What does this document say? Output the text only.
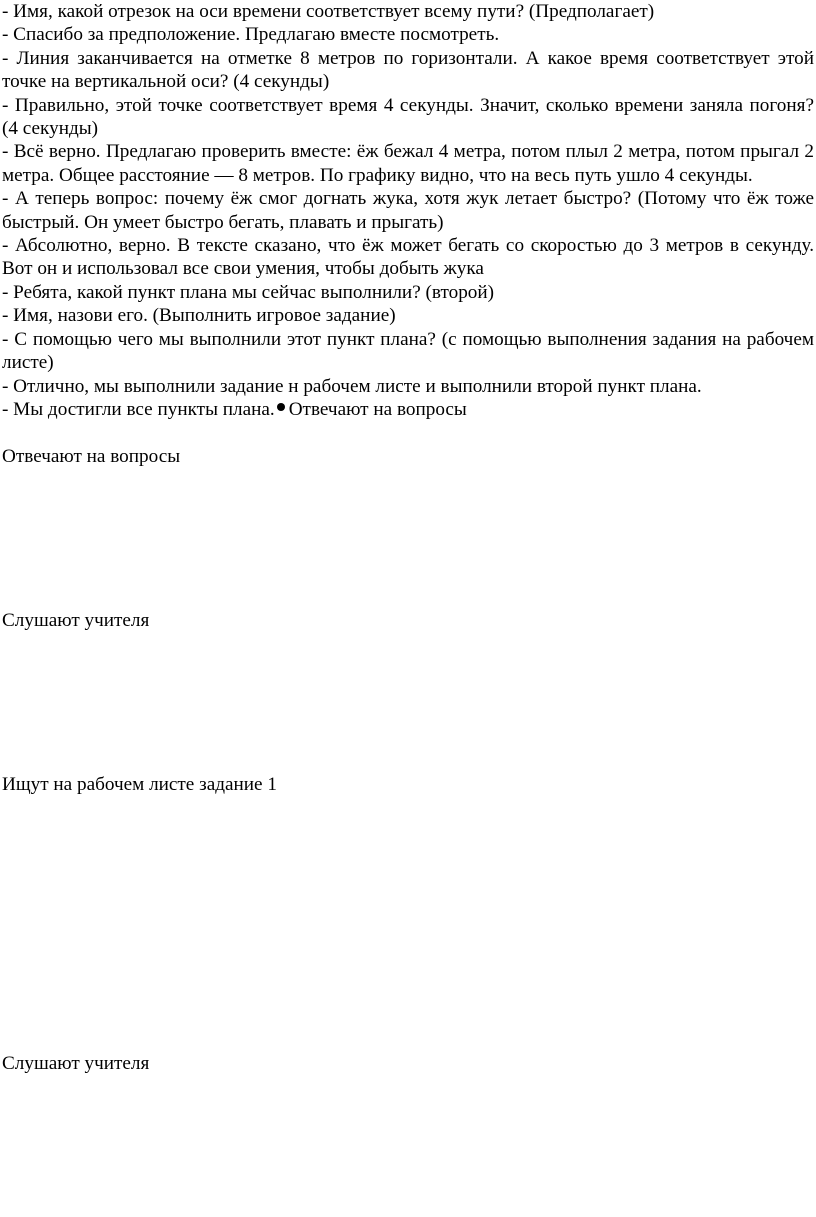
- Имя, какой отрезок на оси времени соответствует всему пути? (Предполагает)

- Спасибо за предположение. Предлагаю вместе посмотреть.

- Линия заканчивается на отметке 8 метров по горизонтали. А какое время соответствует этой точке на вертикальной оси? (4 секунды)

- Правильно, этой точке соответствует время 4 секунды. Значит, сколько времени заняла погоня? (4 секунды)

- Всё верно. Предлагаю проверить вместе: ёж бежал 4 метра, потом плыл 2 метра, потом прыгал 2 метра. Общее расстояние — 8 метров. По графику видно, что на весь путь ушло 4 секунды.

- А теперь вопрос: почему ёж смог догнать жука, хотя жук летает быстро? (Потому что ёж тоже быстрый. Он умеет быстро бегать, плавать и прыгать)

- Абсолютно, верно. В тексте сказано, что ёж может бегать со скоростью до 3 метров в секунду. Вот он и использовал все свои умения, чтобы добыть жука

- Ребята, какой пункт плана мы сейчас выполнили? (второй)

- Имя, назови его. (Выполнить игровое задание)

- С помощью чего мы выполнили этот пункт плана? (с помощью выполнения задания на рабочем листе)

- Отлично, мы выполнили задание н рабочем листе и выполнили второй пункт плана.

- Мы достигли все пункты плана. Отвечают на вопросы

Отвечают на вопросы

Слушают учителя

Ищут на рабочем листе задание 1

Слушают учителя
